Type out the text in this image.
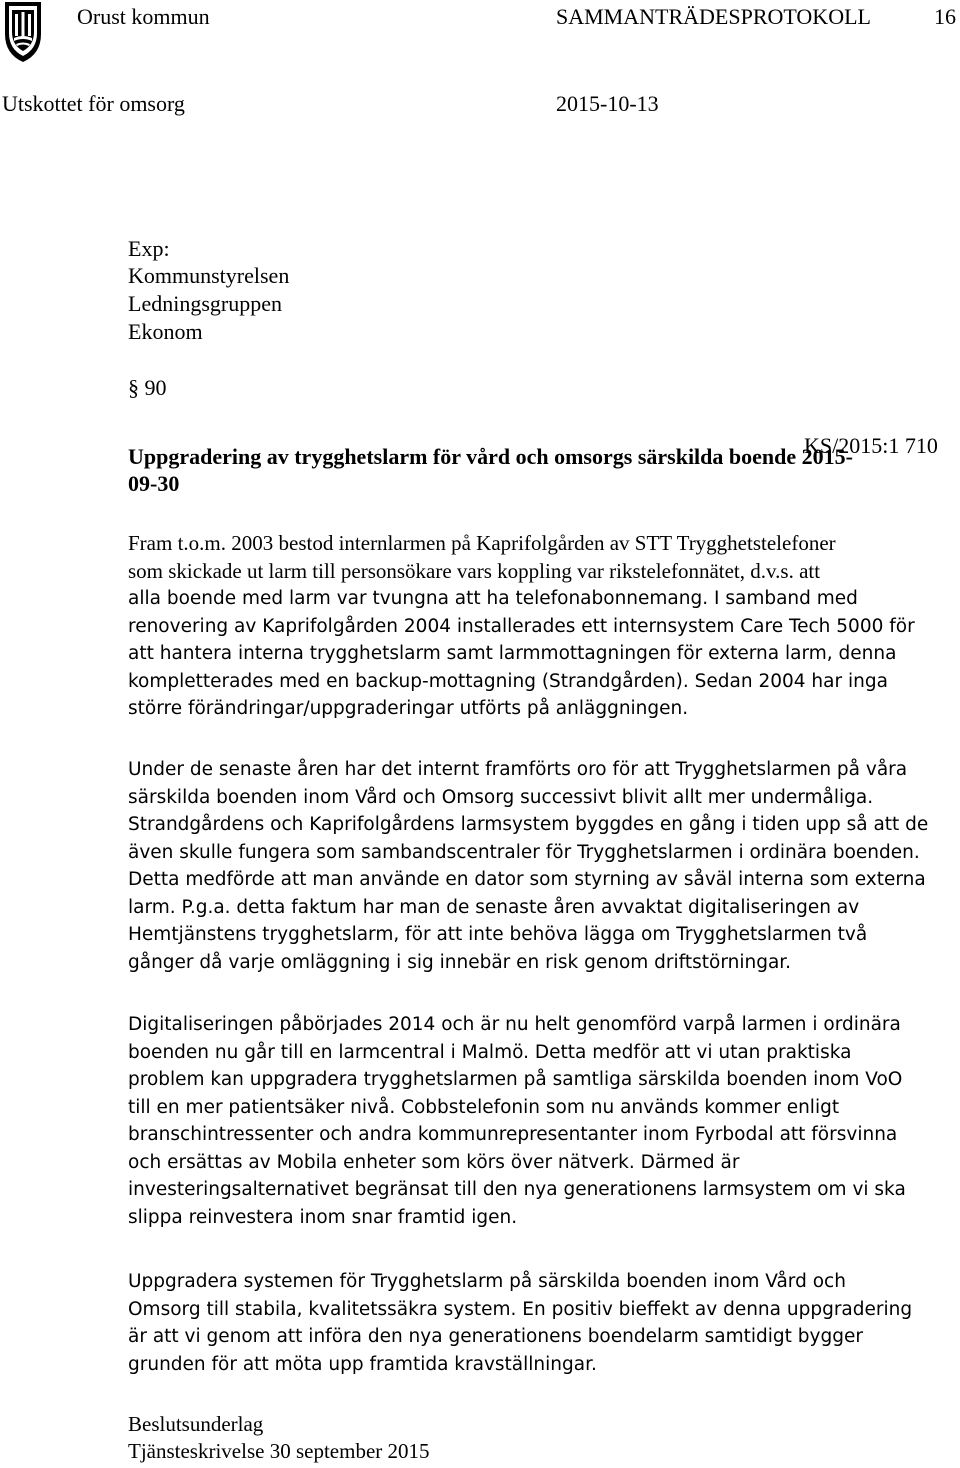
Orust kommun	SAMMANTRÄDESPROTOKOLL	16
Utskottet för omsorg	2015-10-13
Exp:
Kommunstyrelsen
Ledningsgruppen
Ekonom
§ 90
KS/2015:1 710
Uppgradering av trygghetslarm för vård och omsorgs särskilda boende 2015-
09-30
Fram t.o.m. 2003 bestod internlarmen på Kaprifolgården av STT Trygghetstelefoner
som skickade ut larm till personsökare vars koppling var rikstelefonnätet, d.v.s. att
alla boende med larm var tvungna att ha telefonabonnemang. I samband med
renovering av Kaprifolgården 2004 installerades ett internsystem Care Tech 5000 för
att hantera interna trygghetslarm samt larmmottagningen för externa larm, denna
kompletterades med en backup-mottagning (Strandgården). Sedan 2004 har inga
större förändringar/uppgraderingar utförts på anläggningen.
Under de senaste åren har det internt framförts oro för att Trygghetslarmen på våra
särskilda boenden inom Vård och Omsorg successivt blivit allt mer undermåliga.
Strandgårdens och Kaprifolgårdens larmsystem byggdes en gång i tiden upp så att de
även skulle fungera som sambandscentraler för Trygghetslarmen i ordinära boenden.
Detta medförde att man använde en dator som styrning av såväl interna som externa
larm. P.g.a. detta faktum har man de senaste åren avvaktat digitaliseringen av
Hemtjänstens trygghetslarm, för att inte behöva lägga om Trygghetslarmen två
gånger då varje omläggning i sig innebär en risk genom driftstörningar.
Digitaliseringen påbörjades 2014 och är nu helt genomförd varpå larmen i ordinära
boenden nu går till en larmcentral i Malmö. Detta medför att vi utan praktiska
problem kan uppgradera trygghetslarmen på samtliga särskilda boenden inom VoO
till en mer patientsäker nivå. Cobbstelefonin som nu används kommer enligt
branschintressenter och andra kommunrepresentanter inom Fyrbodal att försvinna
och ersättas av Mobila enheter som körs över nätverk. Därmed är
investeringsalternativet begränsat till den nya generationens larmsystem om vi ska
slippa reinvestera inom snar framtid igen.
Uppgradera systemen för Trygghetslarm på särskilda boenden inom Vård och
Omsorg till stabila, kvalitetssäkra system. En positiv bieffekt av denna uppgradering
är att vi genom att införa den nya generationens boendelarm samtidigt bygger
grunden för att möta upp framtida kravställningar.
Beslutsunderlag
Tjänsteskrivelse 30 september 2015
